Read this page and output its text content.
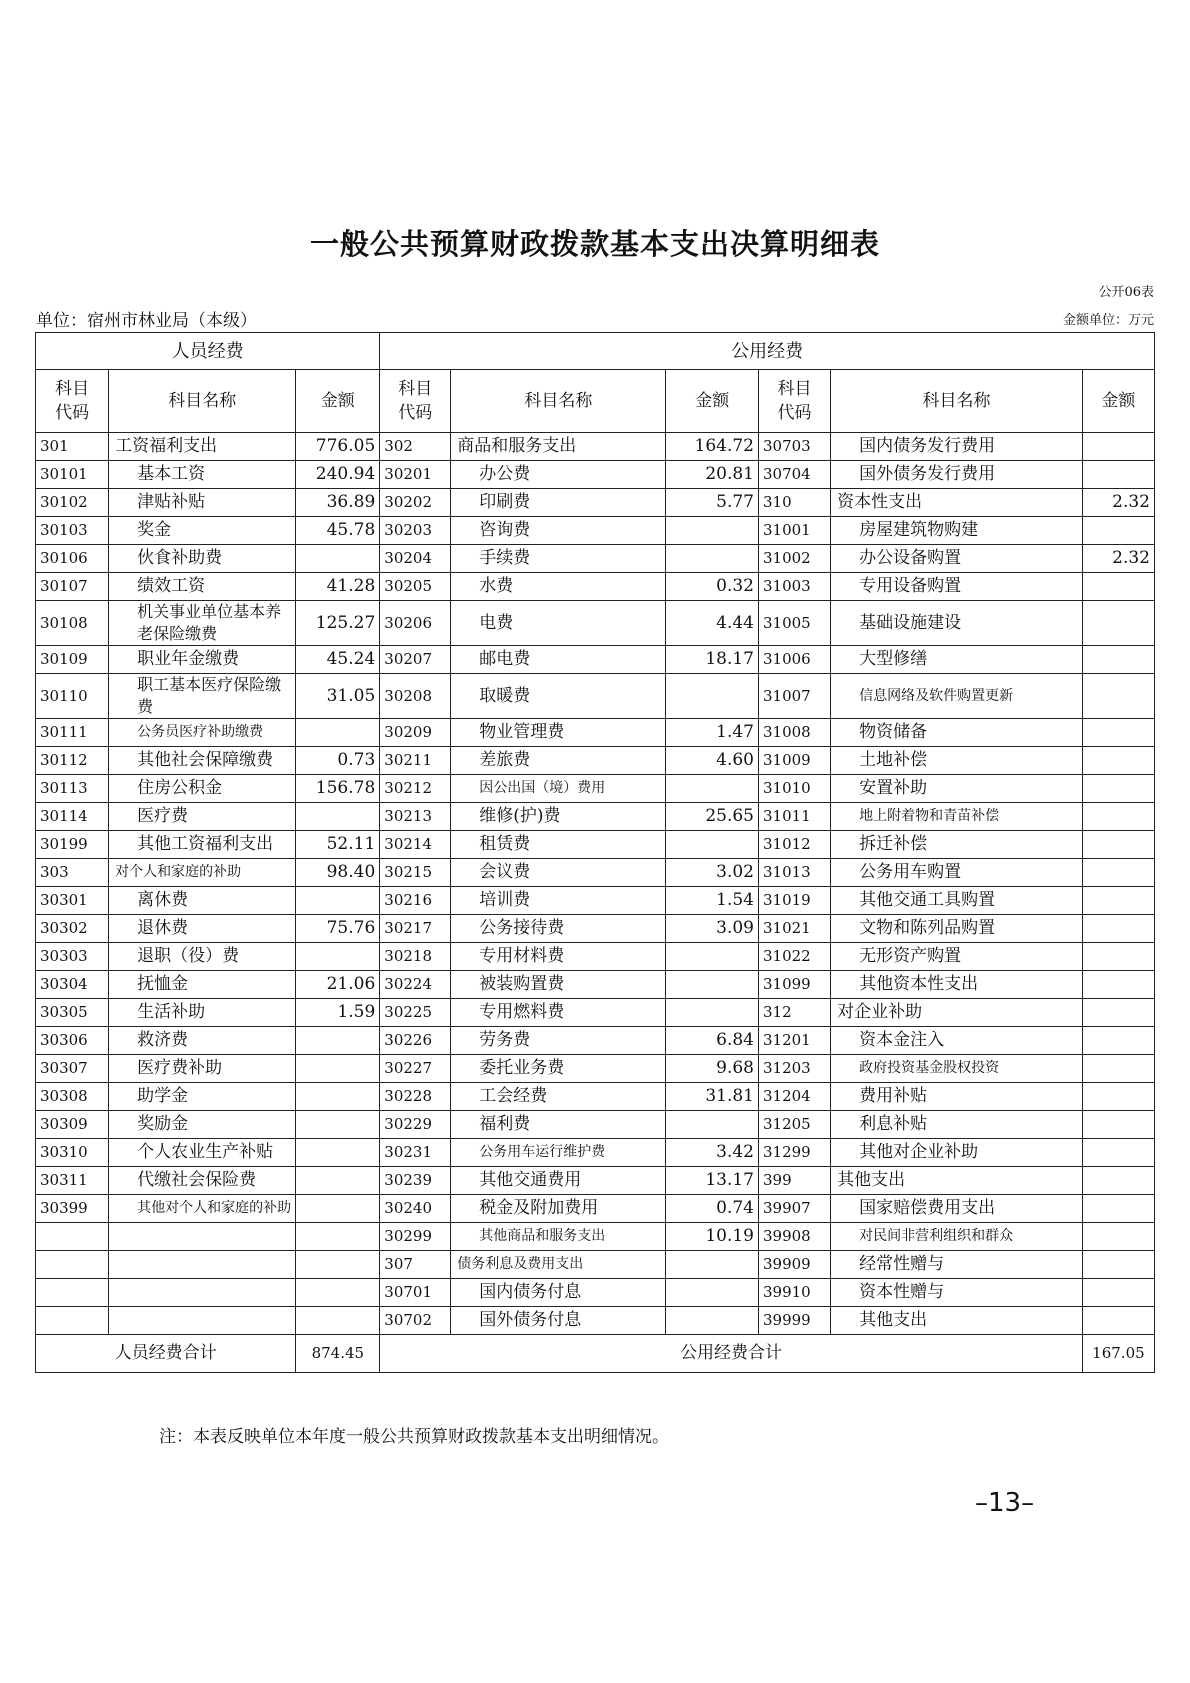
一般公共预算财政拨款基本支出决算明细表
公开06表
单位：宿州市林业局（本级）	金额单位：万元
人员经费			公用经费					
科目
代码	科目名称	金额	科目
代码	科目名称	金额	科目
代码	科目名称	金额
301	工资福利支出	776.05	302	商品和服务支出	164.72	30703	国内债务发行费用	
30101	基本工资	240.94	30201	办公费	20.81	30704	国外债务发行费用	
30102	津贴补贴	36.89	30202	印刷费	5.77	310	资本性支出	2.32
30103	奖金	45.78	30203	咨询费		31001	房屋建筑物购建	
30106	伙食补助费		30204	手续费		31002	办公设备购置	2.32
30107	绩效工资	41.28	30205	水费	0.32	31003	专用设备购置	
30108	机关事业单位基本养老保险缴费	125.27	30206	电费	4.44	31005	基础设施建设	
30109	职业年金缴费	45.24	30207	邮电费	18.17	31006	大型修缮	
30110	职工基本医疗保险缴费	31.05	30208	取暖费		31007	信息网络及软件购置更新	
30111	公务员医疗补助缴费		30209	物业管理费	1.47	31008	物资储备	
30112	其他社会保障缴费	0.73	30211	差旅费	4.60	31009	土地补偿	
30113	住房公积金	156.78	30212	因公出国（境）费用		31010	安置补助	
30114	医疗费		30213	维修(护)费	25.65	31011	地上附着物和青苗补偿	
30199	其他工资福利支出	52.11	30214	租赁费		31012	拆迁补偿	
303	对个人和家庭的补助	98.40	30215	会议费	3.02	31013	公务用车购置	
30301	离休费		30216	培训费	1.54	31019	其他交通工具购置	
30302	退休费	75.76	30217	公务接待费	3.09	31021	文物和陈列品购置	
30303	退职（役）费		30218	专用材料费		31022	无形资产购置	
30304	抚恤金	21.06	30224	被装购置费		31099	其他资本性支出	
30305	生活补助	1.59	30225	专用燃料费		312	对企业补助	
30306	救济费		30226	劳务费	6.84	31201	资本金注入	
30307	医疗费补助		30227	委托业务费	9.68	31203	政府投资基金股权投资	
30308	助学金		30228	工会经费	31.81	31204	费用补贴	
30309	奖励金		30229	福利费		31205	利息补贴	
30310	个人农业生产补贴		30231	公务用车运行维护费	3.42	31299	其他对企业补助	
30311	代缴社会保险费		30239	其他交通费用	13.17	399	其他支出	
30399	其他对个人和家庭的补助		30240	税金及附加费用	0.74	39907	国家赔偿费用支出	
			30299	其他商品和服务支出	10.19	39908	对民间非营利组织和群众	
			307	债务利息及费用支出		39909	经常性赠与	
			30701	国内债务付息		39910	资本性赠与	
			30702	国外债务付息		39999	其他支出	
人员经费合计		874.45	公用经费合计					167.05
注：本表反映单位本年度一般公共预算财政拨款基本支出明细情况。
–13–
